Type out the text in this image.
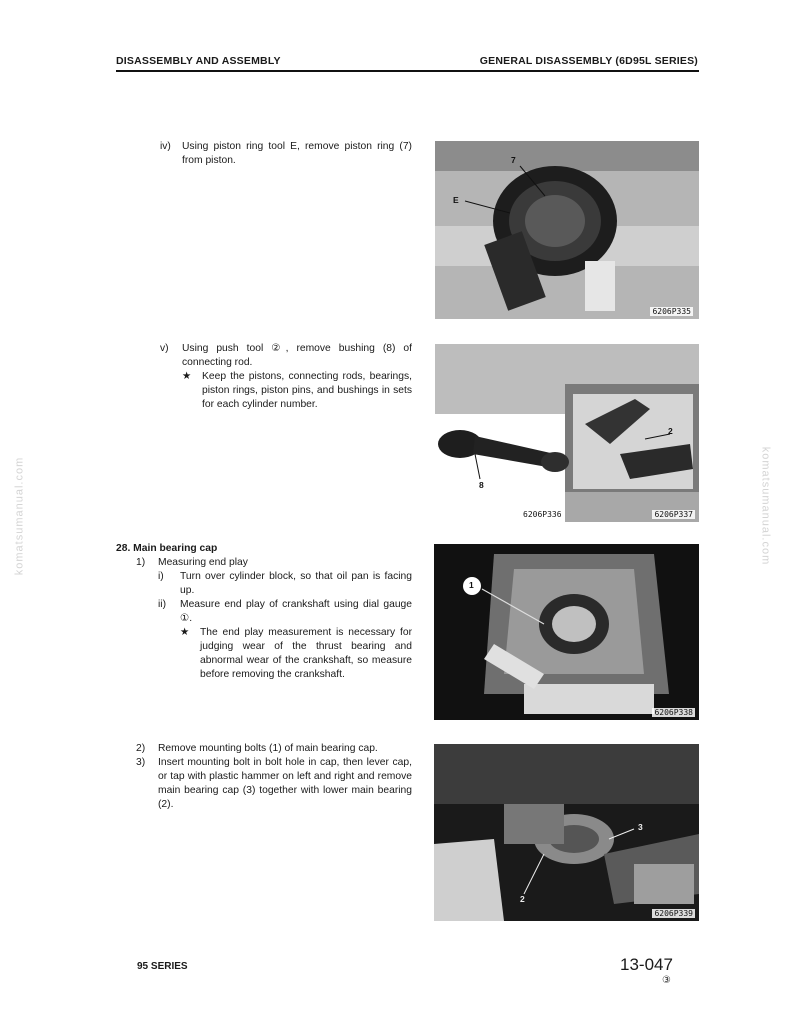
DISASSEMBLY AND ASSEMBLY	GENERAL DISASSEMBLY (6D95L SERIES)
komatsumanual.com	komatsumanual.com
iv)	Using piston ring tool E, remove piston ring (7) from piston.	7
E
6206P335
v)	Using push tool ②, remove bushing (8) of connecting rod.
★	Keep the pistons, connecting rods, bearings, piston rings, piston pins, and bushings in sets for each cylinder number.
8
2
6206P336	6206P337
28. Main bearing cap
1)	Measuring end play
i)	Turn over cylinder block, so that oil pan is facing up.
ii)	Measure end play of crankshaft using dial gauge ①.
★	The end play measurement is necessary for judging wear of the thrust bearing and abnormal wear of the crankshaft, so measure before removing the crankshaft.
1
6206P338
2)	Remove mounting bolts (1) of main bearing cap.
3)	Insert mounting bolt in bolt hole in cap, then lever cap, or tap with plastic hammer on left and right and remove main bearing cap (3) together with lower main bearing (2).
2
3
6206P339
95 SERIES	13-047
③
